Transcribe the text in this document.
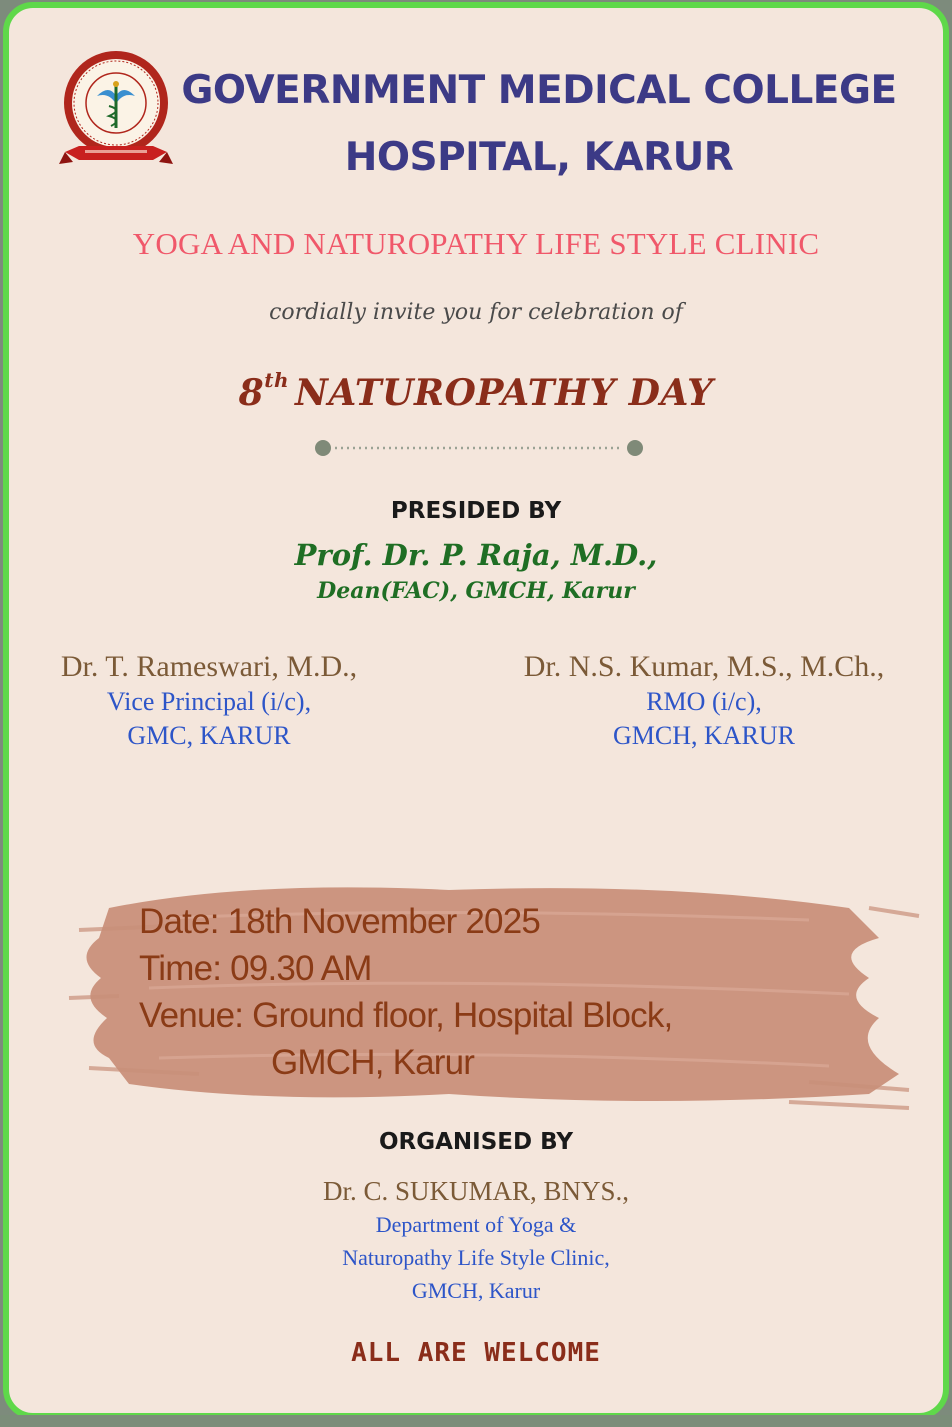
GOVERNMENT MEDICAL COLLEGE
HOSPITAL, KARUR
YOGA AND NATUROPATHY LIFE STYLE CLINIC
cordially invite you for celebration of
8th NATUROPATHY DAY
PRESIDED BY
Prof. Dr. P. Raja, M.D.,
Dean(FAC), GMCH, Karur
Dr. T. Rameswari, M.D.,
Vice Principal (i/c),
GMC, KARUR
Dr. N.S. Kumar, M.S., M.Ch.,
RMO (i/c),
GMCH, KARUR
Date: 18th November 2025
Time: 09.30 AM
Venue: Ground floor, Hospital Block,
GMCH, Karur
ORGANISED BY
Dr. C. SUKUMAR, BNYS.,
Department of Yoga &
Naturopathy Life Style Clinic,
GMCH, Karur
ALL ARE WELCOME
